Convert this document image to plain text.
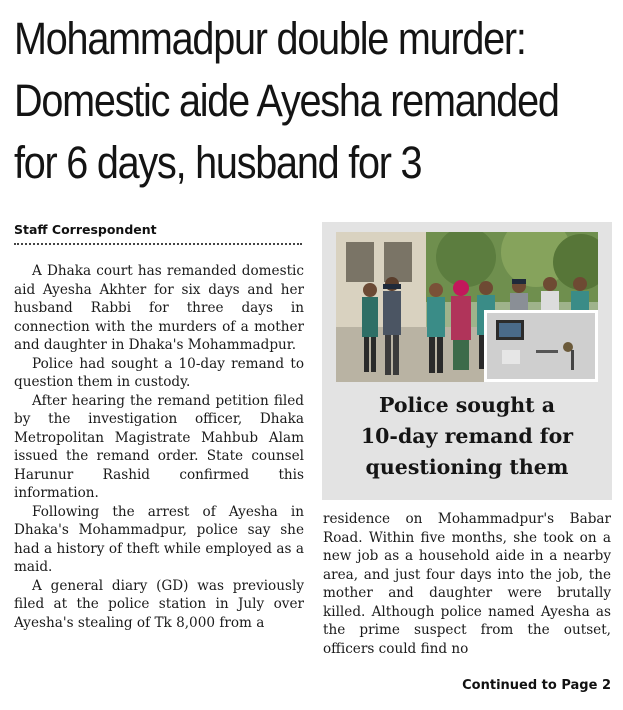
Mohammadpur double murder:
Domestic aide Ayesha remanded
for 6 days, husband for 3
Staff Correspondent

A Dhaka court has remanded domestic aid Ayesha Akhter for six days and her husband Rabbi for three days in connection with the murders of a mother and daughter in Dhaka's Mohammadpur.

Police had sought a 10-day remand to question them in custody.

After hearing the remand petition filed by the investigation officer, Dhaka Metropolitan Magistrate Mahbub Alam issued the remand order. State counsel Harunur Rashid confirmed this information.

Following the arrest of Ayesha in Dhaka's Mohammadpur, police say she had a history of theft while employed as a maid.

A general diary (GD) was previously filed at the police station in July over Ayesha's stealing of Tk 8,000 from a

Police sought a
10-day remand for
questioning them

residence on Mohammadpur's Babar Road. Within five months, she took on a new job as a household aide in a nearby area, and just four days into the job, the mother and daughter were brutally killed. Although police named Ayesha as the prime suspect from the outset, officers could find no

Continued to Page 2
